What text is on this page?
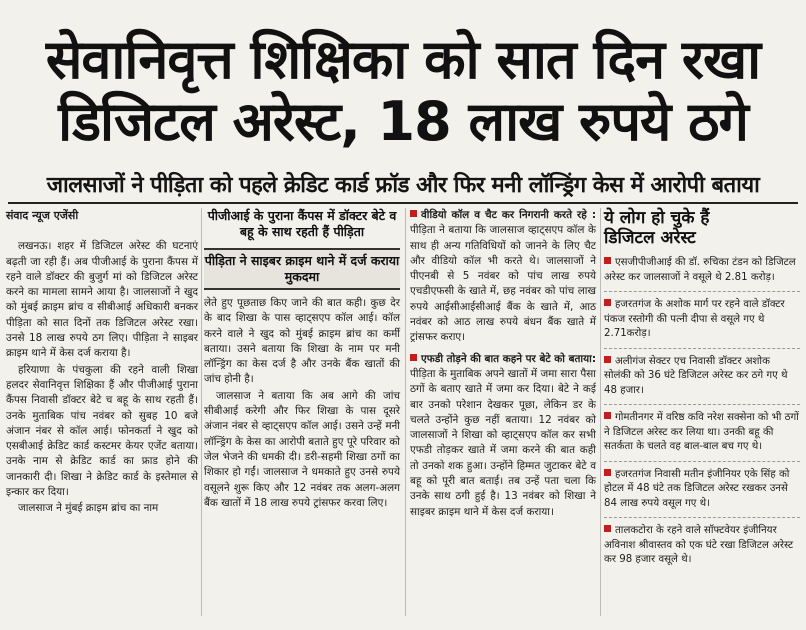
सेवानिवृत्त शिक्षिका को सात दिन रखा
डिजिटल अरेस्ट, 18 लाख रुपये ठगे
जालसाजों ने पीड़िता को पहले क्रेडिट कार्ड फ्रॉड और फिर मनी लॉन्ड्रिंग केस में आरोपी बताया
संवाद न्यूज एजेंसी

लखनऊ। शहर में डिजिटल अरेस्ट की घटनाएं बढ़ती जा रही हैं। अब पीजीआई के पुराना कैंपस में रहने वाले डॉक्टर की बुजुर्ग मां को डिजिटल अरेस्ट करने का मामला सामने आया है। जालसाजों ने खुद को मुंबई क्राइम ब्रांच व सीबीआई अधिकारी बनकर पीड़िता को सात दिनों तक डिजिटल अरेस्ट रखा। उनसे 18 लाख रुपये ठग लिए। पीड़िता ने साइबर क्राइम थाने में केस दर्ज कराया है।

हरियाणा के पंचकुला की रहने वाली शिखा हलदर सेवानिवृत्त शिक्षिका हैं और पीजीआई पुराना कैंपस निवासी डॉक्टर बेटे च बहू के साथ रहती हैं। उनके मुताबिक पांच नवंबर को सुबह 10 बजे अंजान नंबर से कॉल आई। फोनकर्ता ने खुद को एसबीआई क्रेडिट कार्ड कस्टमर केयर एजेंट बताया। उनके नाम से क्रेडिट कार्ड का फ्राड होने की जानकारी दी। शिखा ने क्रेडिट कार्ड के इस्तेमाल से इन्कार कर दिया।

जालसाज ने मुंबई क्राइम ब्रांच का नाम

पीजीआई के पुराना कैंपस में डॉक्टर बेटे व बहू के साथ रहती हैं पीड़िता
पीड़िता ने साइबर क्राइम थाने में दर्ज कराया मुकदमा

लेते हुए पूछताछ किए जाने की बात कही। कुछ देर के बाद शिखा के पास व्हाट्सएप कॉल आई। कॉल करने वाले ने खुद को मुंबई क्राइम ब्रांच का कर्मी बताया। उसने बताया कि शिखा के नाम पर मनी लॉन्ड्रिंग का केस दर्ज है और उनके बैंक खातों की जांच होनी है।

जालसाज ने बताया कि अब आगे की जांच सीबीआई करेगी और फिर शिखा के पास दूसरे अंजान नंबर से व्हाट्सएप कॉल आई। उसने उन्हें मनी लॉन्ड्रिंग के केस का आरोपी बताते हुए पूरे परिवार को जेल भेजने की धमकी दी। डरी-सहमी शिखा ठगों का शिकार हो गईं। जालसाज ने धमकाते हुए उनसे रुपये वसूलने शुरू किए और 12 नवंबर तक अलग-अलग बैंक खातों में 18 लाख रुपये ट्रांसफर करवा लिए।

वीडियो कॉल व चैट कर निगरानी करते रहे : पीड़िता ने बताया कि जालसाज व्हाट्सएप कॉल के साथ ही अन्य गतिविधियों को जानने के लिए चैट और वीडियो कॉल भी करते थे। जालसाजों ने पीएनबी से 5 नवंबर को पांच लाख रुपये एचडीएफसी के खाते में, छह नवंबर को पांच लाख रुपये आईसीआईसीआई बैंक के खाते में, आठ नवंबर को आठ लाख रुपये बंधन बैंक खाते में ट्रांसफर कराए।

एफडी तोड़ने की बात कहने पर बेटे को बताया: पीड़िता के मुताबिक अपने खातों में जमा सारा पैसा ठगों के बताए खाते में जमा कर दिया। बेटे ने कई बार उनको परेशान देखकर पूछा, लेकिन डर के चलते उन्होंने कुछ नहीं बताया। 12 नवंबर को जालसाजों ने शिखा को व्हाट्सएप कॉल कर सभी एफडी तोड़कर खाते में जमा करने की बात कही तो उनको शक हुआ। उन्होंने हिम्मत जुटाकर बेटे व बहू को पूरी बात बताई। तब उन्हें पता चला कि उनके साथ ठगी हुई है। 13 नवंबर को शिखा ने साइबर क्राइम थाने में केस दर्ज कराया।

ये लोग हो चुके हैं
डिजिटल अरेस्ट
एसजीपीजीआई की डॉ. रुचिका टंडन को डिजिटल अरेस्ट कर जालसाजों ने वसूले थे 2.81 करोड़।
हजरतगंज के अशोक मार्ग पर रहने वाले डॉक्टर पंकज रस्तोगी की पत्नी दीपा से वसूले गए थे 2.71करोड़।
अलीगंज सेक्टर एच निवासी डॉक्टर अशोक सोलंकी को 36 घंटे डिजिटल अरेस्ट कर ठगे गए थे 48 हजार।
गोमतीनगर में वरिष्ठ कवि नरेश सक्सेना को भी ठगों ने डिजिटल अरेस्ट कर लिया था। उनकी बहू की सतर्कता के चलते वह बाल-बाल बच गए थे।
हजरतगंज निवासी मतीन इंजीनियर एके सिंह को होटल में 48 घंटे तक डिजिटल अरेस्ट रखकर उनसे 84 लाख रुपये वसूल गए थे।
तालकटोरा के रहने वाले सॉफ्टवेयर इंजीनियर अविनाश श्रीवास्तव को एक घंटे रखा डिजिटल अरेस्ट कर 98 हजार वसूले थे।
